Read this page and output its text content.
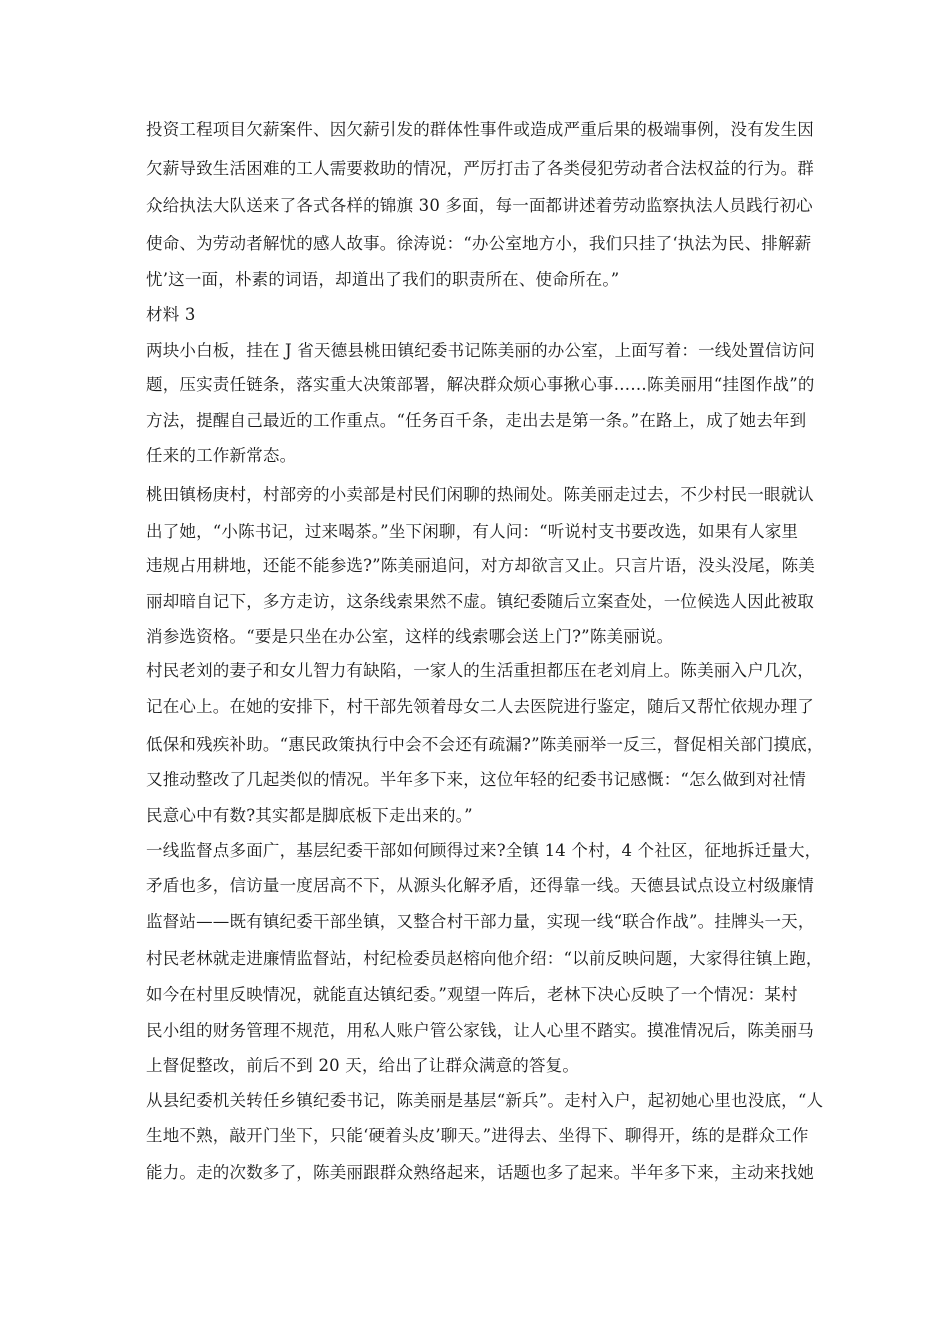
投资工程项目欠薪案件、因欠薪引发的群体性事件或造成严重后果的极端事例，没有发生因
欠薪导致生活困难的工人需要救助的情况，严厉打击了各类侵犯劳动者合法权益的行为。群
众给执法大队送来了各式各样的锦旗 30 多面，每一面都讲述着劳动监察执法人员践行初心
使命、为劳动者解忧的感人故事。徐涛说：“办公室地方小，我们只挂了‘执法为民、排解薪
忧’这一面，朴素的词语，却道出了我们的职责所在、使命所在。”
材料 3
两块小白板，挂在 J 省天德县桃田镇纪委书记陈美丽的办公室，上面写着：一线处置信访问
题，压实责任链条，落实重大决策部署，解决群众烦心事揪心事……陈美丽用“挂图作战”的
方法，提醒自己最近的工作重点。“任务百千条，走出去是第一条。”在路上，成了她去年到
任来的工作新常态。
桃田镇杨庚村，村部旁的小卖部是村民们闲聊的热闹处。陈美丽走过去，不少村民一眼就认
出了她，“小陈书记，过来喝茶。”坐下闲聊，有人问：“听说村支书要改选，如果有人家里
违规占用耕地，还能不能参选?”陈美丽追问，对方却欲言又止。只言片语，没头没尾，陈美
丽却暗自记下，多方走访，这条线索果然不虚。镇纪委随后立案查处，一位候选人因此被取
消参选资格。“要是只坐在办公室，这样的线索哪会送上门?”陈美丽说。
村民老刘的妻子和女儿智力有缺陷，一家人的生活重担都压在老刘肩上。陈美丽入户几次，
记在心上。在她的安排下，村干部先领着母女二人去医院进行鉴定，随后又帮忙依规办理了
低保和残疾补助。“惠民政策执行中会不会还有疏漏?”陈美丽举一反三，督促相关部门摸底，
又推动整改了几起类似的情况。半年多下来，这位年轻的纪委书记感慨：“怎么做到对社情
民意心中有数?其实都是脚底板下走出来的。”
一线监督点多面广，基层纪委干部如何顾得过来?全镇 14 个村，4 个社区，征地拆迁量大，
矛盾也多，信访量一度居高不下，从源头化解矛盾，还得靠一线。天德县试点设立村级廉情
监督站——既有镇纪委干部坐镇，又整合村干部力量，实现一线“联合作战”。挂牌头一天，
村民老林就走进廉情监督站，村纪检委员赵榕向他介绍：“以前反映问题，大家得往镇上跑，
如今在村里反映情况，就能直达镇纪委。”观望一阵后，老林下决心反映了一个情况：某村
民小组的财务管理不规范，用私人账户管公家钱，让人心里不踏实。摸准情况后，陈美丽马
上督促整改，前后不到 20 天，给出了让群众满意的答复。
从县纪委机关转任乡镇纪委书记，陈美丽是基层“新兵”。走村入户，起初她心里也没底，“人
生地不熟，敲开门坐下，只能‘硬着头皮’聊天。”进得去、坐得下、聊得开，练的是群众工作
能力。走的次数多了，陈美丽跟群众熟络起来，话题也多了起来。半年多下来，主动来找她
